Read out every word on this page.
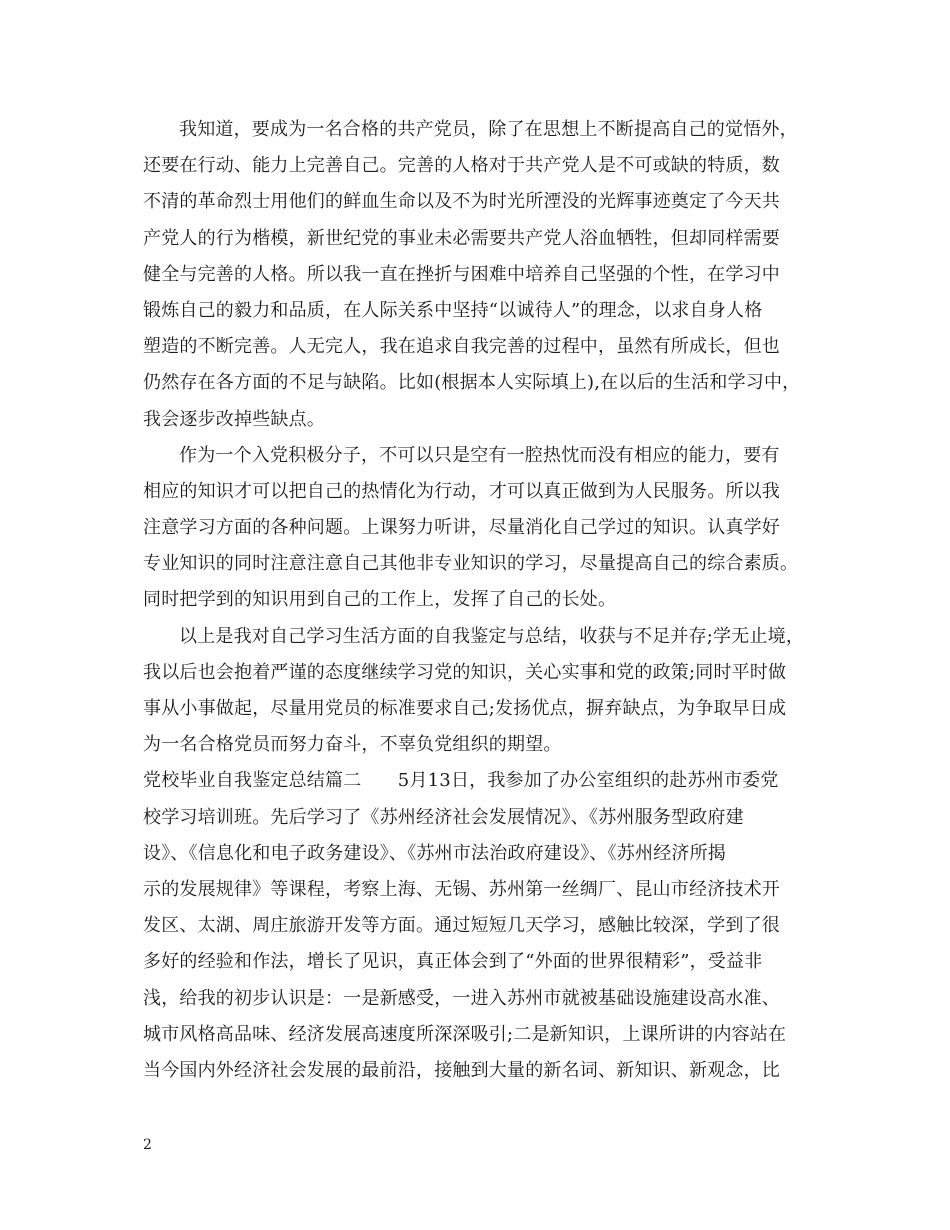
我知道，要成为一名合格的共产党员，除了在思想上不断提高自己的觉悟外，
还要在行动、能力上完善自己。完善的人格对于共产党人是不可或缺的特质，数
不清的革命烈士用他们的鲜血生命以及不为时光所湮没的光辉事迹奠定了今天共
产党人的行为楷模，新世纪党的事业未必需要共产党人浴血牺牲，但却同样需要
健全与完善的人格。所以我一直在挫折与困难中培养自己坚强的个性，在学习中
锻炼自己的毅力和品质，在人际关系中坚持“以诚待人”的理念，以求自身人格
塑造的不断完善。人无完人，我在追求自我完善的过程中，虽然有所成长，但也
仍然存在各方面的不足与缺陷。比如(根据本人实际填上),在以后的生活和学习中，
我会逐步改掉些缺点。
作为一个入党积极分子，不可以只是空有一腔热忱而没有相应的能力，要有
相应的知识才可以把自己的热情化为行动，才可以真正做到为人民服务。所以我
注意学习方面的各种问题。上课努力听讲，尽量消化自己学过的知识。认真学好
专业知识的同时注意注意自己其他非专业知识的学习，尽量提高自己的综合素质。
同时把学到的知识用到自己的工作上，发挥了自己的长处。
以上是我对自己学习生活方面的自我鉴定与总结，收获与不足并存;学无止境，
我以后也会抱着严谨的态度继续学习党的知识，关心实事和党的政策;同时平时做
事从小事做起，尽量用党员的标准要求自己;发扬优点，摒弃缺点，为争取早日成
为一名合格党员而努力奋斗，不辜负党组织的期望。
党校毕业自我鉴定总结篇二　　5月13日，我参加了办公室组织的赴苏州市委党
校学习培训班。先后学习了《苏州经济社会发展情况》、《苏州服务型政府建
设》、《信息化和电子政务建设》、《苏州市法治政府建设》、《苏州经济所揭
示的发展规律》等课程，考察上海、无锡、苏州第一丝绸厂、昆山市经济技术开
发区、太湖、周庄旅游开发等方面。通过短短几天学习，感触比较深，学到了很
多好的经验和作法，增长了见识，真正体会到了“外面的世界很精彩”，受益非
浅，给我的初步认识是：一是新感受，一进入苏州市就被基础设施建设高水准、
城市风格高品味、经济发展高速度所深深吸引;二是新知识，上课所讲的内容站在
当今国内外经济社会发展的最前沿，接触到大量的新名词、新知识、新观念，比
2
